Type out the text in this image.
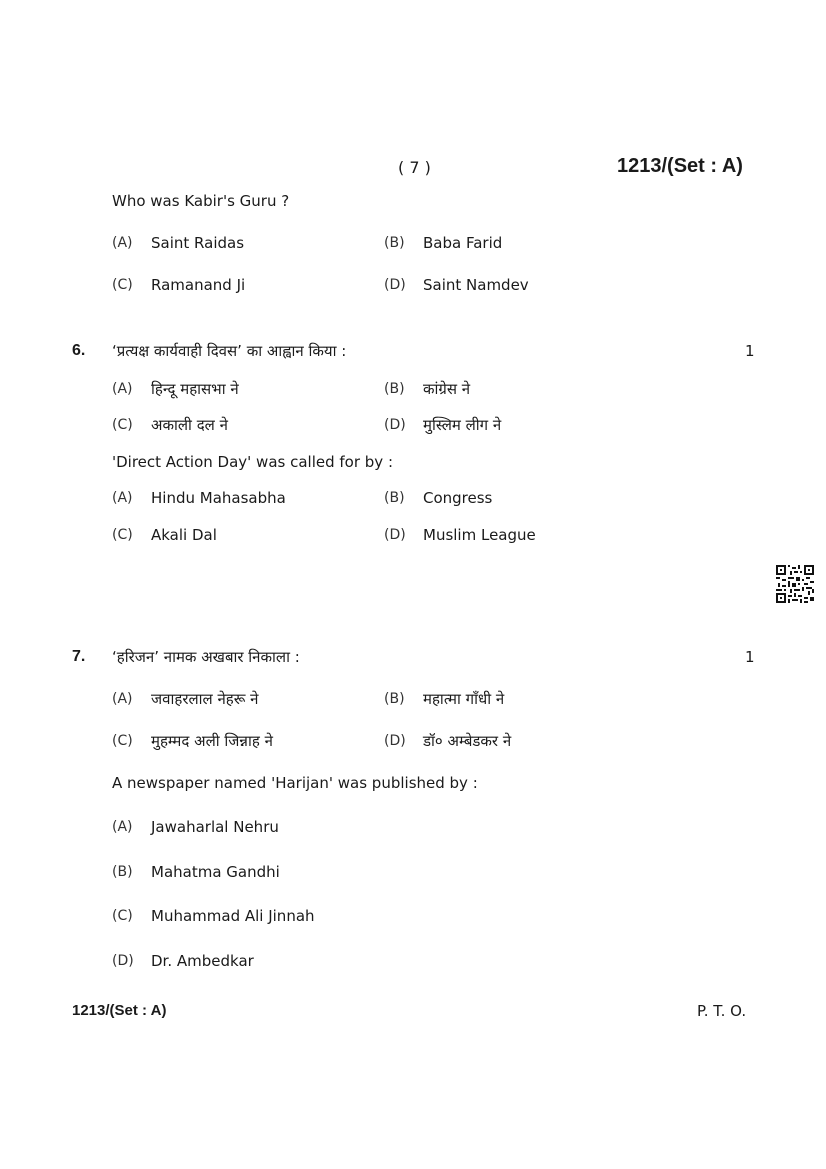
( 7 )	1213/(Set : A)
Who was Kabir's Guru ?
(A) Saint Raidas	(B) Baba Farid
(C) Ramanand Ji	(D) Saint Namdev
6. ‘प्रत्यक्ष कार्यवाही दिवस’ का आह्वान किया :	1
(A) हिन्दू महासभा ने	(B) कांग्रेस ने
(C) अकाली दल ने	(D) मुस्लिम लीग ने
'Direct Action Day' was called for by :
(A) Hindu Mahasabha	(B) Congress
(C) Akali Dal	(D) Muslim League
7. ‘हरिजन’ नामक अखबार निकाला :	1
(A) जवाहरलाल नेहरू ने	(B) महात्मा गाँधी ने
(C) मुहम्मद अली जिन्नाह ने	(D) डॉ० अम्बेडकर ने
A newspaper named 'Harijan' was published by :
(A) Jawaharlal Nehru
(B) Mahatma Gandhi
(C) Muhammad Ali Jinnah
(D) Dr. Ambedkar
1213/(Set : A)	P. T. O.
